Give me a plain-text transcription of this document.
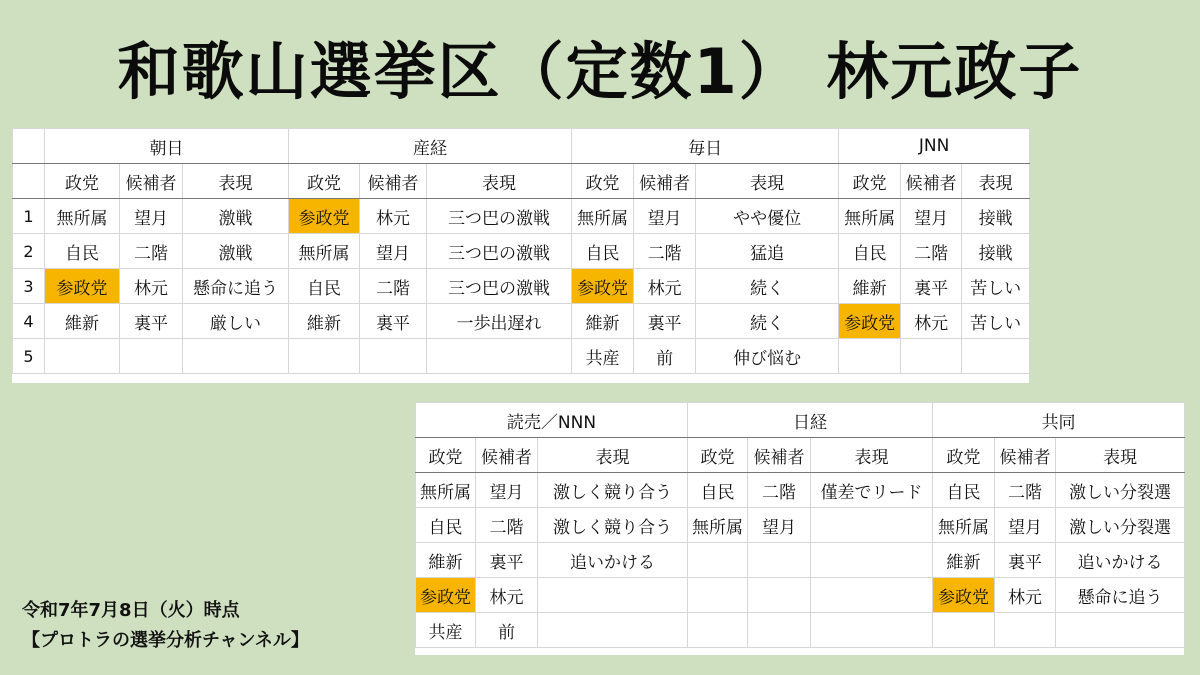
和歌山選挙区（定数1） 林元政子
	朝日			産経			毎日			JNN		
	政党	候補者	表現	政党	候補者	表現	政党	候補者	表現	政党	候補者	表現
1	無所属	望月	激戦	参政党	林元	三つ巴の激戦	無所属	望月	やや優位	無所属	望月	接戦
2	自民	二階	激戦	無所属	望月	三つ巴の激戦	自民	二階	猛追	自民	二階	接戦
3	参政党	林元	懸命に追う	自民	二階	三つ巴の激戦	参政党	林元	続く	維新	裏平	苦しい
4	維新	裏平	厳しい	維新	裏平	一歩出遅れ	維新	裏平	続く	参政党	林元	苦しい
5							共産	前	伸び悩む			
読売／NNN			日経			共同		
政党	候補者	表現	政党	候補者	表現	政党	候補者	表現
無所属	望月	激しく競り合う	自民	二階	僅差でリード	自民	二階	激しい分裂選
自民	二階	激しく競り合う	無所属	望月		無所属	望月	激しい分裂選
維新	裏平	追いかける				維新	裏平	追いかける
参政党	林元					参政党	林元	懸命に追う
共産	前							
令和7年7月8日（火）時点
【プロトラの選挙分析チャンネル】
